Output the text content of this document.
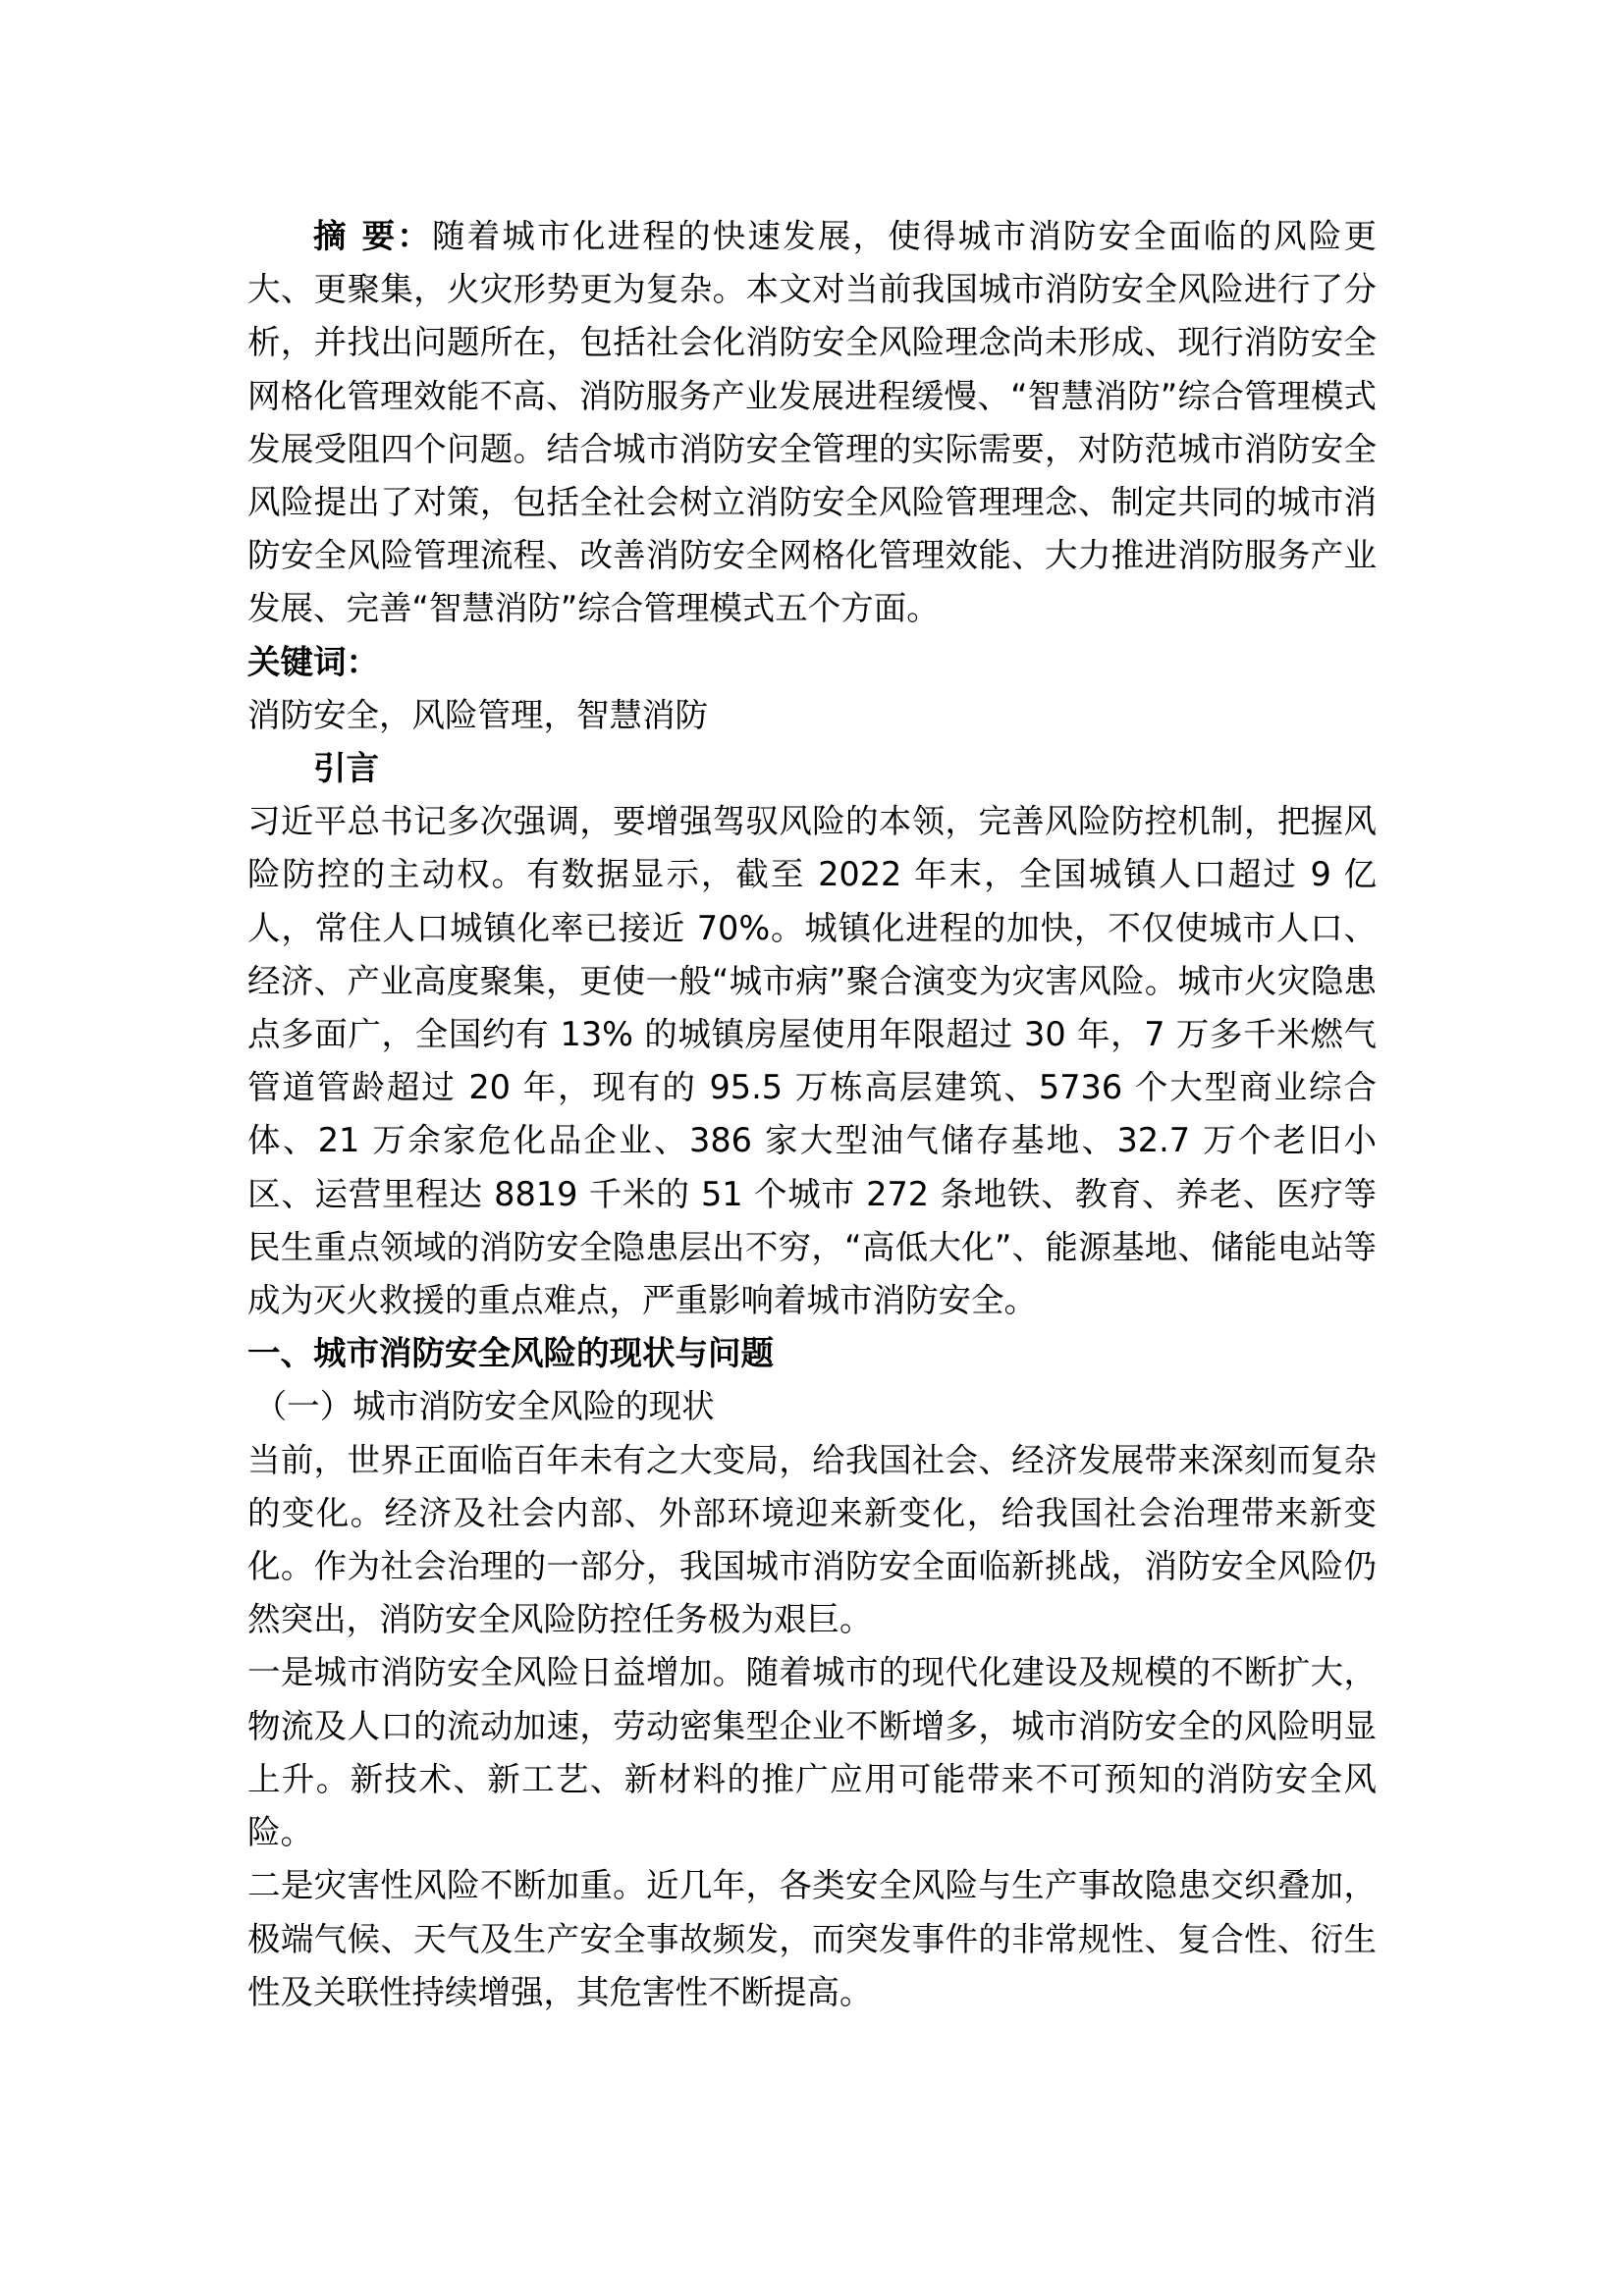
摘 要：随着城市化进程的快速发展，使得城市消防安全面临的风险更大、更聚集，火灾形势更为复杂。本文对当前我国城市消防安全风险进行了分析，并找出问题所在，包括社会化消防安全风险理念尚未形成、现行消防安全网格化管理效能不高、消防服务产业发展进程缓慢、“智慧消防”综合管理模式发展受阻四个问题。结合城市消防安全管理的实际需要，对防范城市消防安全风险提出了对策，包括全社会树立消防安全风险管理理念、制定共同的城市消防安全风险管理流程、改善消防安全网格化管理效能、大力推进消防服务产业发展、完善“智慧消防”综合管理模式五个方面。

关键词：

消防安全，风险管理，智慧消防

引言

习近平总书记多次强调，要增强驾驭风险的本领，完善风险防控机制，把握风险防控的主动权。有数据显示，截至 2022 年末，全国城镇人口超过 9 亿人，常住人口城镇化率已接近 70%。城镇化进程的加快，不仅使城市人口、经济、产业高度聚集，更使一般“城市病”聚合演变为灾害风险。城市火灾隐患点多面广，全国约有 13% 的城镇房屋使用年限超过 30 年，7 万多千米燃气管道管龄超过 20 年，现有的 95.5 万栋高层建筑、5736 个大型商业综合体、21 万余家危化品企业、386 家大型油气储存基地、32.7 万个老旧小区、运营里程达 8819 千米的 51 个城市 272 条地铁、教育、养老、医疗等民生重点领域的消防安全隐患层出不穷，“高低大化”、能源基地、储能电站等成为灭火救援的重点难点，严重影响着城市消防安全。

一、城市消防安全风险的现状与问题

（一）城市消防安全风险的现状

当前，世界正面临百年未有之大变局，给我国社会、经济发展带来深刻而复杂的变化。经济及社会内部、外部环境迎来新变化，给我国社会治理带来新变化。作为社会治理的一部分，我国城市消防安全面临新挑战，消防安全风险仍然突出，消防安全风险防控任务极为艰巨。

一是城市消防安全风险日益增加。随着城市的现代化建设及规模的不断扩大，物流及人口的流动加速，劳动密集型企业不断增多，城市消防安全的风险明显上升。新技术、新工艺、新材料的推广应用可能带来不可预知的消防安全风险。

二是灾害性风险不断加重。近几年，各类安全风险与生产事故隐患交织叠加，极端气候、天气及生产安全事故频发，而突发事件的非常规性、复合性、衍生性及关联性持续增强，其危害性不断提高。
